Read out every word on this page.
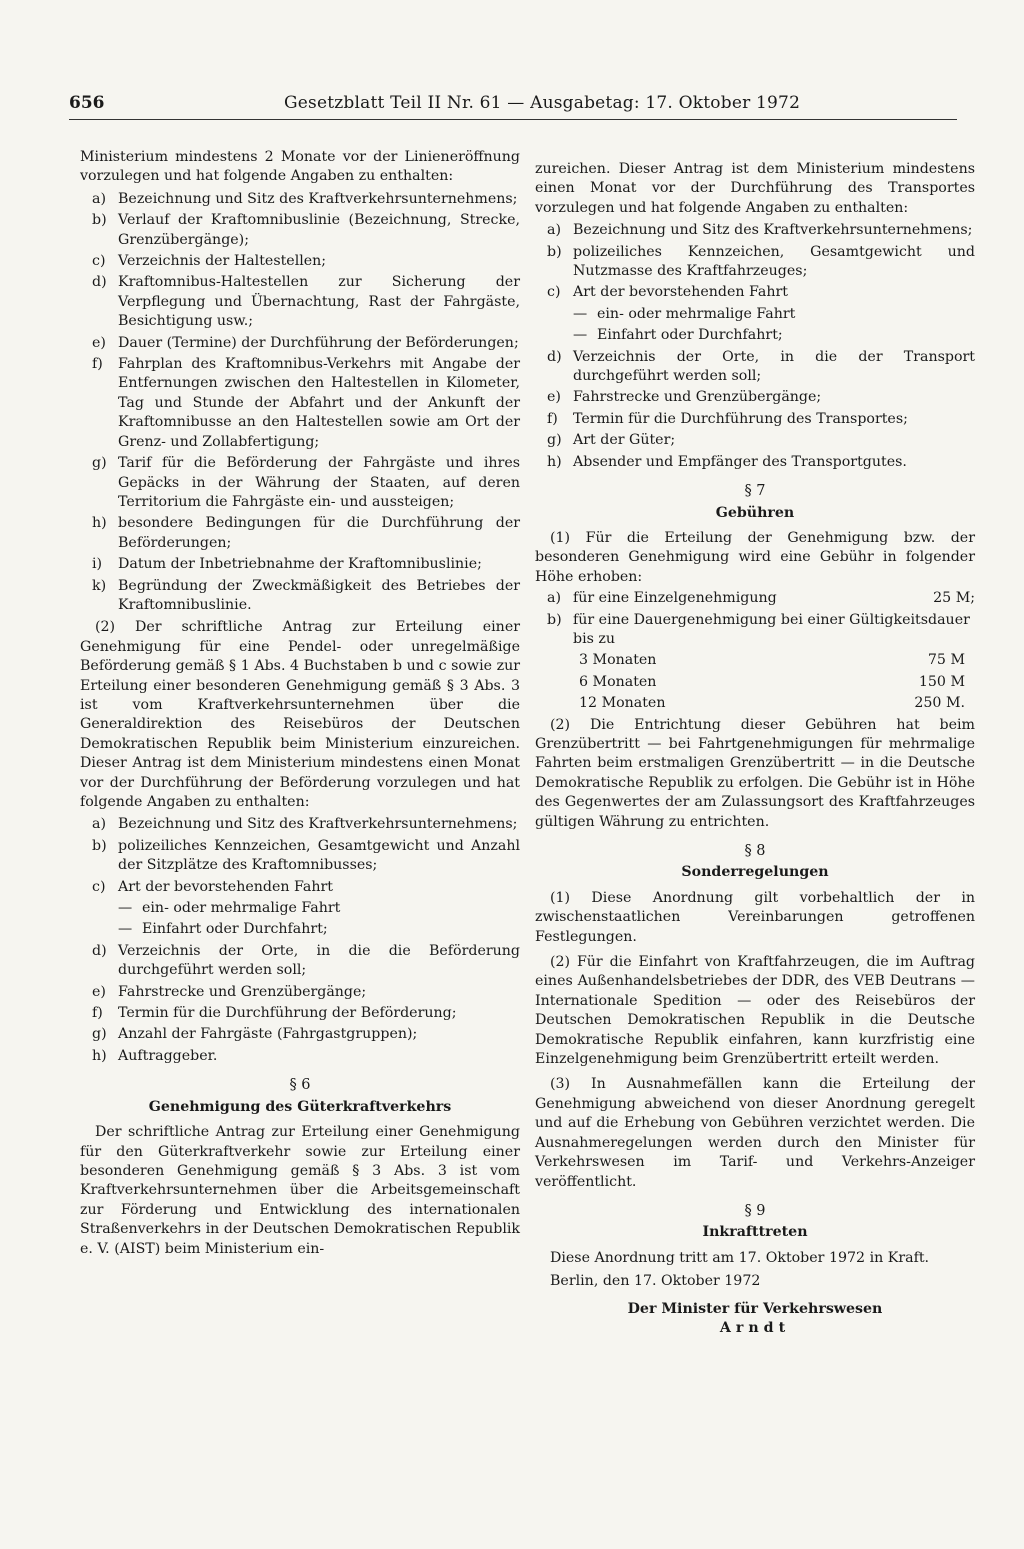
656	Gesetzblatt Teil II Nr. 61 — Ausgabetag: 17. Oktober 1972

Ministerium mindestens 2 Monate vor der Linieneröffnung vorzulegen und hat folgende Angaben zu enthalten:

a) Bezeichnung und Sitz des Kraftverkehrsunternehmens;
b) Verlauf der Kraftomnibuslinie (Bezeichnung, Strecke, Grenzübergänge);
c) Verzeichnis der Haltestellen;
d) Kraftomnibus-Haltestellen zur Sicherung der Verpflegung und Übernachtung, Rast der Fahrgäste, Besichtigung usw.;
e) Dauer (Termine) der Durchführung der Beförderungen;
f)	Fahrplan des Kraftomnibus-Verkehrs mit Angabe der Entfernungen zwischen den Haltestellen in Kilometer, Tag und Stunde der Abfahrt und der Ankunft der Kraftomnibusse an den Haltestellen sowie am Ort der Grenz- und Zollabfertigung;
g) Tarif für die Beförderung der Fahrgäste und ihres Gepäcks in der Währung der Staaten, auf deren Territorium die Fahrgäste ein- und aussteigen;
h) besondere Bedingungen für die Durchführung der Beförderungen;
i)	Datum der Inbetriebnahme der Kraftomnibuslinie;
k) Begründung der Zweckmäßigkeit des Betriebes der Kraftomnibuslinie.

(2) Der schriftliche Antrag zur Erteilung einer Genehmigung für eine Pendel- oder unregelmäßige Beförderung gemäß § 1 Abs. 4 Buchstaben b und c sowie zur Erteilung einer besonderen Genehmigung gemäß § 3 Abs. 3 ist vom Kraftverkehrsunternehmen über die Generaldirektion des Reisebüros der Deutschen Demokratischen Republik beim Ministerium einzureichen. Dieser Antrag ist dem Ministerium mindestens einen Monat vor der Durchführung der Beförderung vorzulegen und hat folgende Angaben zu enthalten:

a) Bezeichnung und Sitz des Kraftverkehrsunternehmens;
b) polizeiliches Kennzeichen, Gesamtgewicht und Anzahl der Sitzplätze des Kraftomnibusses;
c) Art der bevorstehenden Fahrt
— ein- oder mehrmalige Fahrt
— Einfahrt oder Durchfahrt;
d) Verzeichnis der Orte, in die die Beförderung durchgeführt werden soll;
e) Fahrstrecke und Grenzübergänge;
f)	Termin für die Durchführung der Beförderung;
g) Anzahl der Fahrgäste (Fahrgastgruppen);
h) Auftraggeber.
§ 6
Genehmigung des Güterkraftverkehrs

Der schriftliche Antrag zur Erteilung einer Genehmigung für den Güterkraftverkehr sowie zur Erteilung einer besonderen Genehmigung gemäß § 3 Abs. 3 ist vom Kraftverkehrsunternehmen über die Arbeitsgemeinschaft zur Förderung und Entwicklung des internationalen Straßenverkehrs in der Deutschen Demokratischen Republik e. V. (AIST) beim Ministerium ein-

zureichen. Dieser Antrag ist dem Ministerium mindestens einen Monat vor der Durchführung des Transportes vorzulegen und hat folgende Angaben zu enthalten:

a) Bezeichnung und Sitz des Kraftverkehrsunternehmens;
b) polizeiliches Kennzeichen, Gesamtgewicht und Nutzmasse des Kraftfahrzeuges;
c) Art der bevorstehenden Fahrt
— ein- oder mehrmalige Fahrt
— Einfahrt oder Durchfahrt;
d) Verzeichnis der Orte, in die der Transport durchgeführt werden soll;
e) Fahrstrecke und Grenzübergänge;
f)	Termin für die Durchführung des Transportes;
g) Art der Güter;
h) Absender und Empfänger des Transportgutes.
§ 7
Gebühren

(1) Für die Erteilung der Genehmigung bzw. der besonderen Genehmigung wird eine Gebühr in folgender Höhe erhoben:

a) für eine Einzelgenehmigung	25 M;
b) für eine Dauergenehmigung bei einer Gültigkeitsdauer bis zu
3 Monaten	75 M
6 Monaten	150 M
12 Monaten	250 M.

(2) Die Entrichtung dieser Gebühren hat beim Grenzübertritt — bei Fahrtgenehmigungen für mehrmalige Fahrten beim erstmaligen Grenzübertritt — in die Deutsche Demokratische Republik zu erfolgen. Die Gebühr ist in Höhe des Gegenwertes der am Zulassungsort des Kraftfahrzeuges gültigen Währung zu entrichten.

§ 8
Sonderregelungen

(1) Diese Anordnung gilt vorbehaltlich der in zwischenstaatlichen Vereinbarungen getroffenen Festlegungen.

(2) Für die Einfahrt von Kraftfahrzeugen, die im Auftrag eines Außenhandelsbetriebes der DDR, des VEB Deutrans — Internationale Spedition — oder des Reisebüros der Deutschen Demokratischen Republik in die Deutsche Demokratische Republik einfahren, kann kurzfristig eine Einzelgenehmigung beim Grenzübertritt erteilt werden.

(3) In Ausnahmefällen kann die Erteilung der Genehmigung abweichend von dieser Anordnung geregelt und auf die Erhebung von Gebühren verzichtet werden. Die Ausnahmeregelungen werden durch den Minister für Verkehrswesen im Tarif- und Verkehrs-Anzeiger veröffentlicht.

§ 9
Inkrafttreten

Diese Anordnung tritt am 17. Oktober 1972 in Kraft.

Berlin, den 17. Oktober 1972

Der Minister für Verkehrswesen
Arndt
